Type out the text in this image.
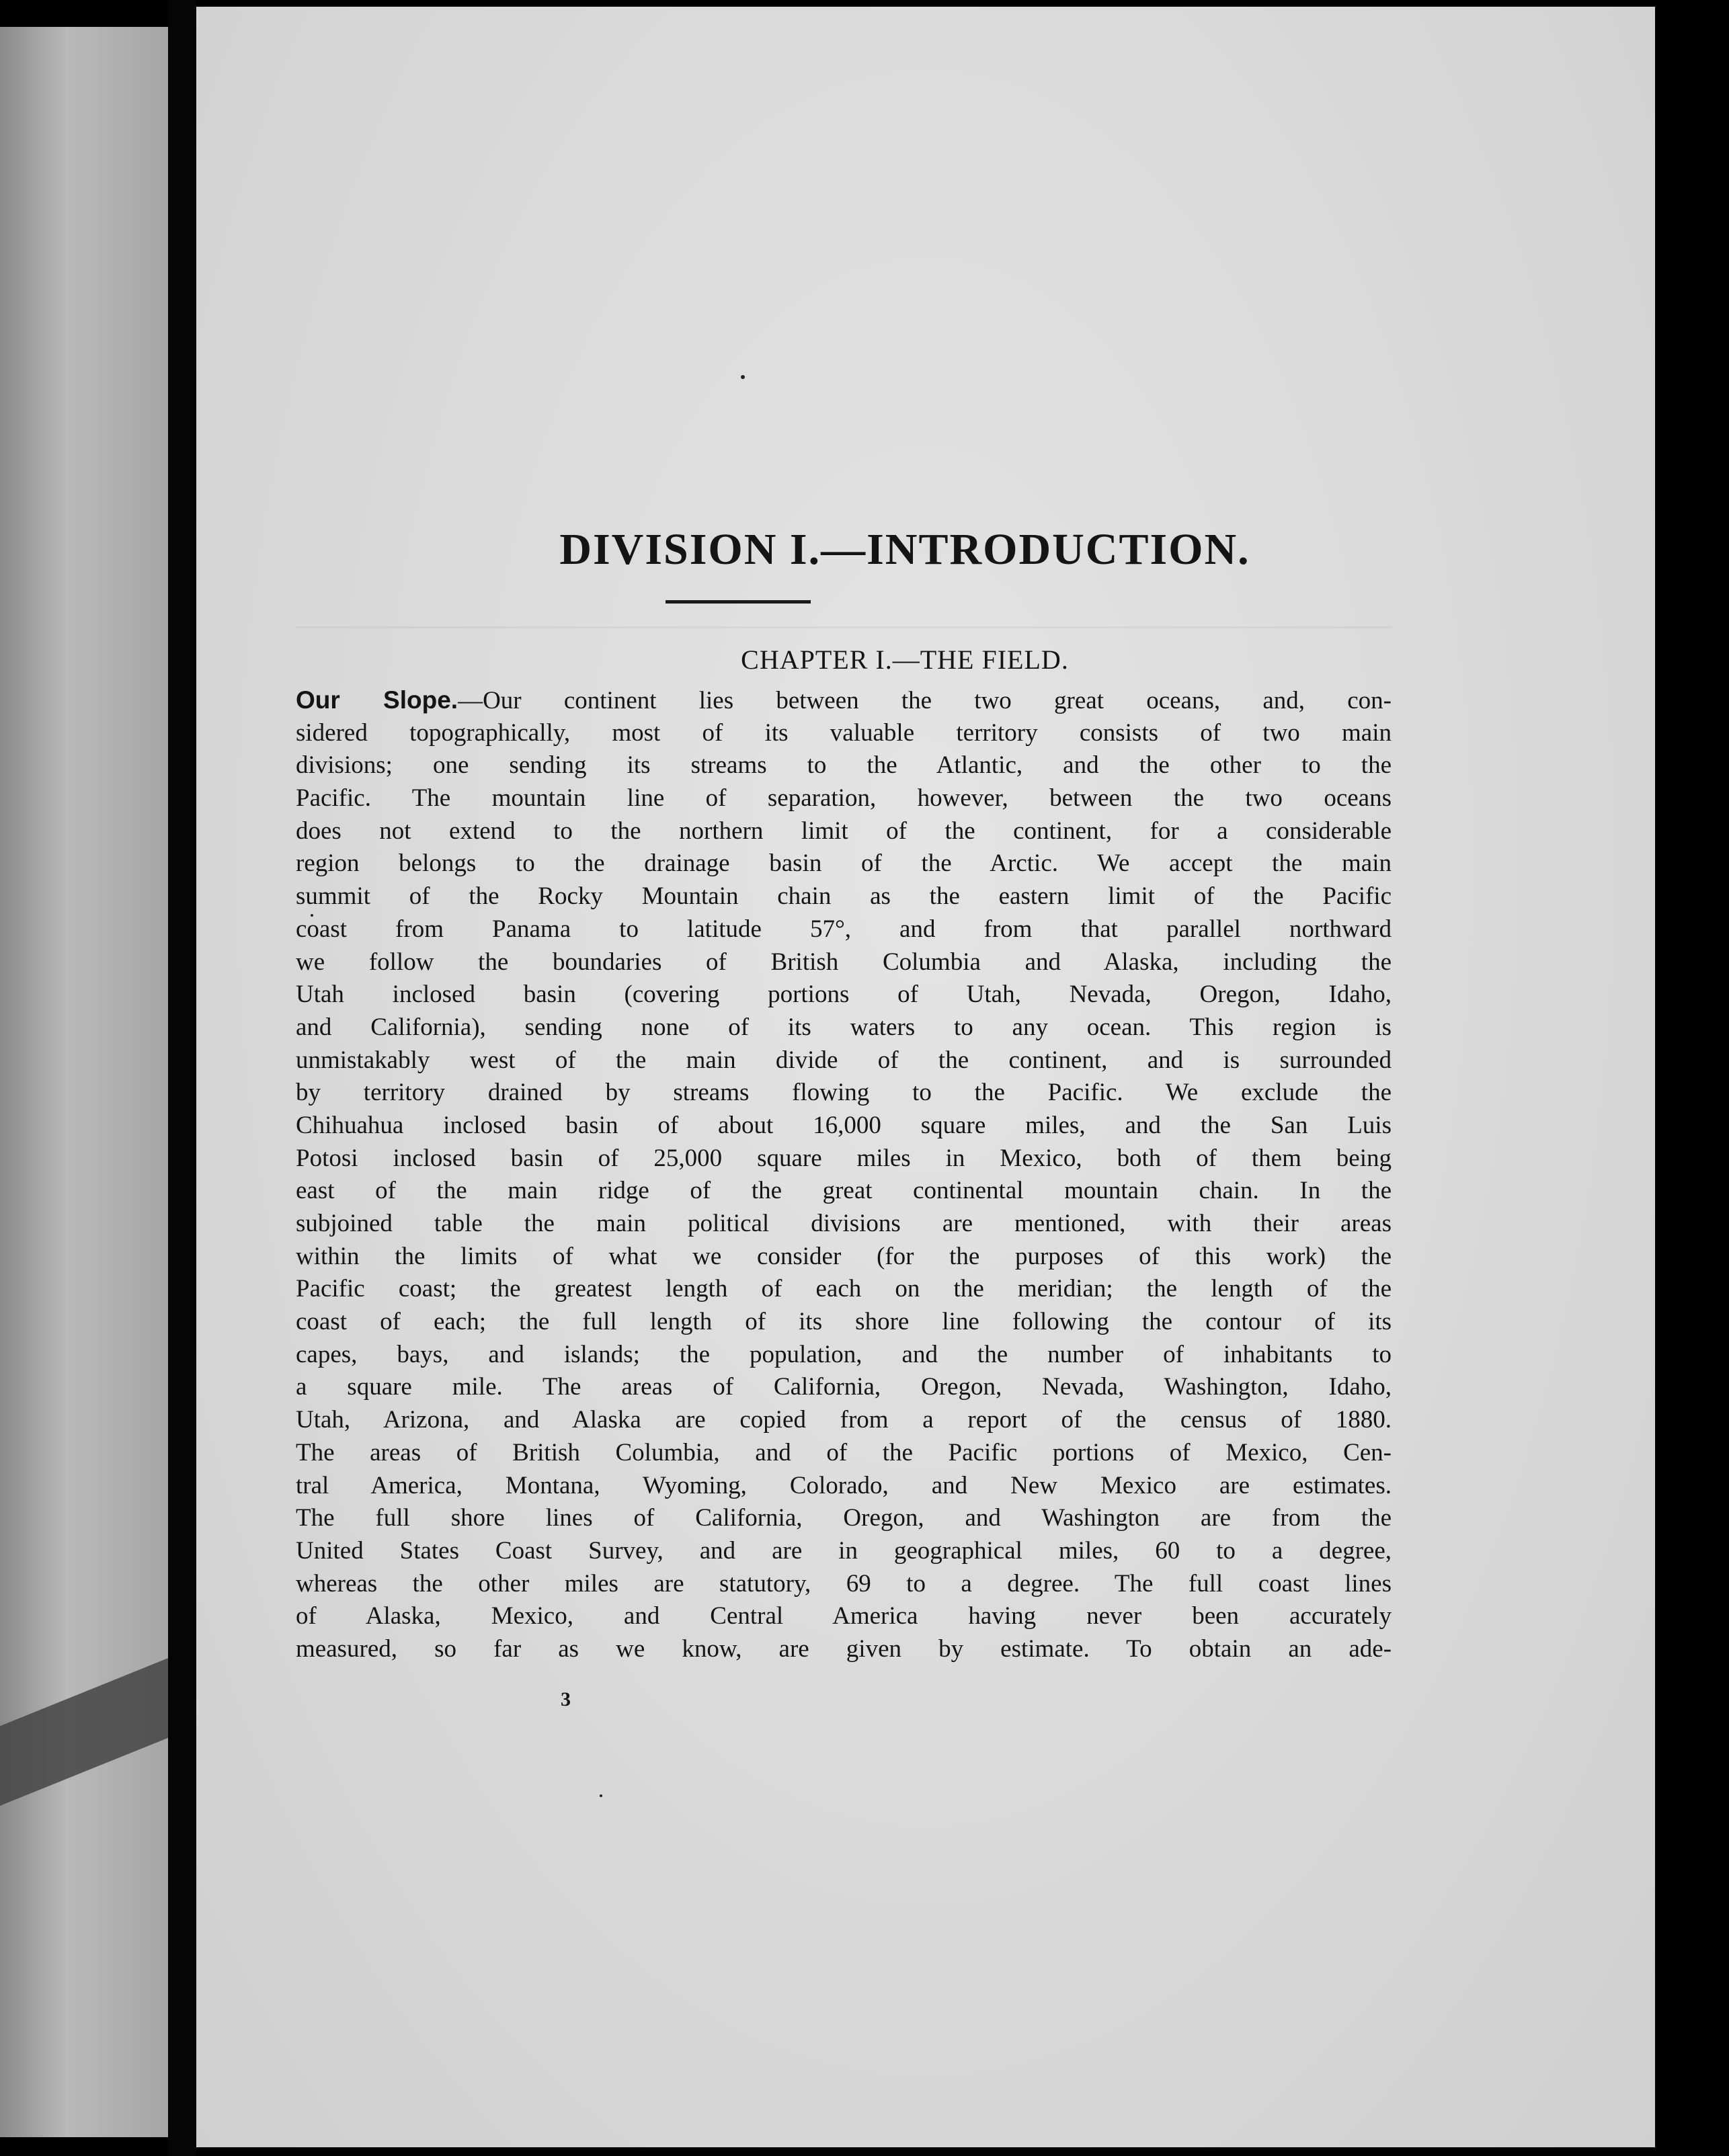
DIVISION I.—INTRODUCTION.
CHAPTER I.—THE FIELD.
Our Slope.—Our continent lies between the two great oceans, and, con-
sidered topographically, most of its valuable territory consists of two main
divisions; one sending its streams to the Atlantic, and the other to the
Pacific. The mountain line of separation, however, between the two oceans
does not extend to the northern limit of the continent, for a considerable
region belongs to the drainage basin of the Arctic. We accept the main
summit of the Rocky Mountain chain as the eastern limit of the Pacific
coast from Panama to latitude 57°, and from that parallel northward
we follow the boundaries of British Columbia and Alaska, including the
Utah inclosed basin (covering portions of Utah, Nevada, Oregon, Idaho,
and California), sending none of its waters to any ocean. This region is
unmistakably west of the main divide of the continent, and is surrounded
by territory drained by streams flowing to the Pacific. We exclude the
Chihuahua inclosed basin of about 16,000 square miles, and the San Luis
Potosi inclosed basin of 25,000 square miles in Mexico, both of them being
east of the main ridge of the great continental mountain chain. In the
subjoined table the main political divisions are mentioned, with their areas
within the limits of what we consider (for the purposes of this work) the
Pacific coast; the greatest length of each on the meridian; the length of the
coast of each; the full length of its shore line following the contour of its
capes, bays, and islands; the population, and the number of inhabitants to
a square mile. The areas of California, Oregon, Nevada, Washington, Idaho,
Utah, Arizona, and Alaska are copied from a report of the census of 1880.
The areas of British Columbia, and of the Pacific portions of Mexico, Cen-
tral America, Montana, Wyoming, Colorado, and New Mexico are estimates.
The full shore lines of California, Oregon, and Washington are from the
United States Coast Survey, and are in geographical miles, 60 to a degree,
whereas the other miles are statutory, 69 to a degree. The full coast lines
of Alaska, Mexico, and Central America having never been accurately
measured, so far as we know, are given by estimate. To obtain an ade-
3
